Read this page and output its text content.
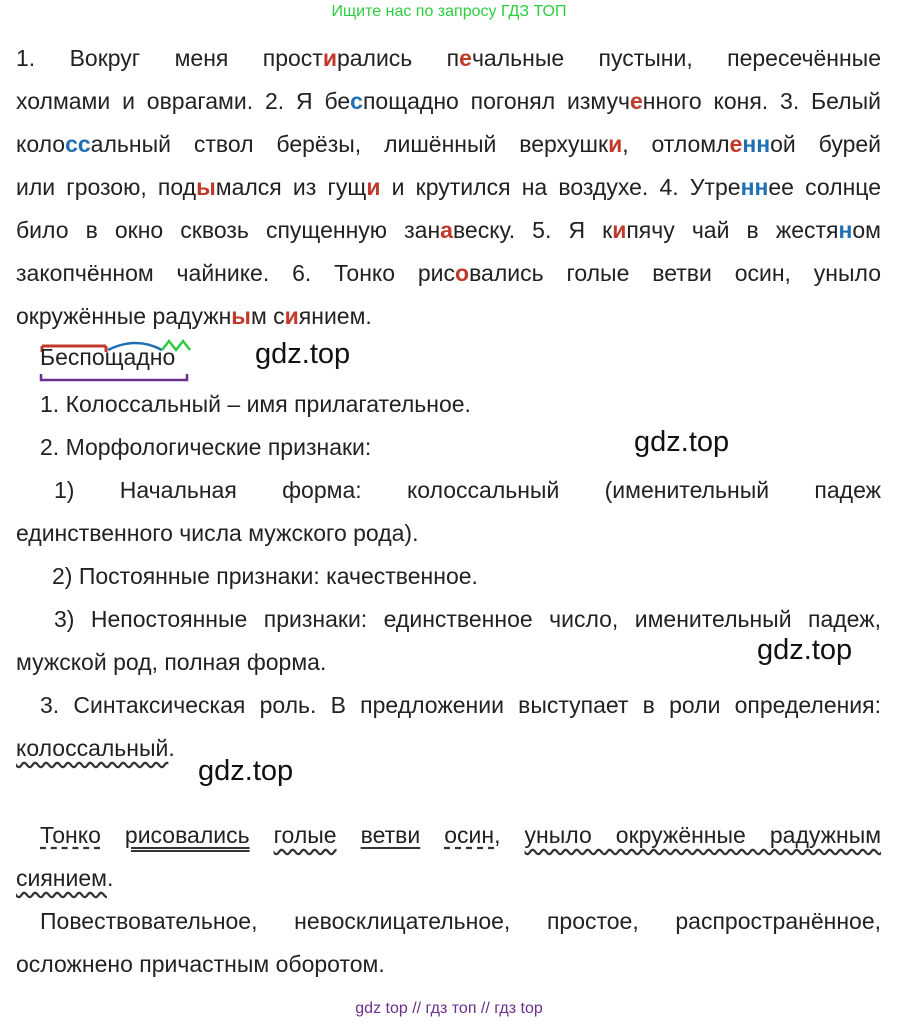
Ищите нас по запросу ГДЗ ТОП
1. Вокруг меня простирались печальные пустыни, пересечённые
холмами и оврагами. 2. Я беспощадно погонял измученного коня. 3. Белый
колоссальный ствол берёзы, лишённый верхушки, отломленной бурей
или грозою, подымался из гущи и крутился на воздухе. 4. Утреннее солнце
било в окно сквозь спущенную занавеску. 5. Я кипячу чай в жестяном
закопчённом чайнике. 6. Тонко рисовались голые ветви осин, уныло
окружённые радужным сиянием.
Беспощадно	gdz.top
1. Колоссальный – имя прилагательное.
2. Морфологические признаки:
1) Начальная форма: колоссальный (именительный падеж
единственного числа мужского рода).
2) Постоянные признаки: качественное.
3) Непостоянные признаки: единственное число, именительный падеж,
мужской род, полная форма.
3. Синтаксическая роль. В предложении выступает в роли определения:
колоссальный.
gdz.top
gdz.top
gdz.top
Тонко рисовались голые ветви осин, уныло окружённые радужным
сиянием.
Повествовательное, невосклицательное, простое, распространённое,
осложнено причастным оборотом.
gdz top // гдз топ // гдз top
